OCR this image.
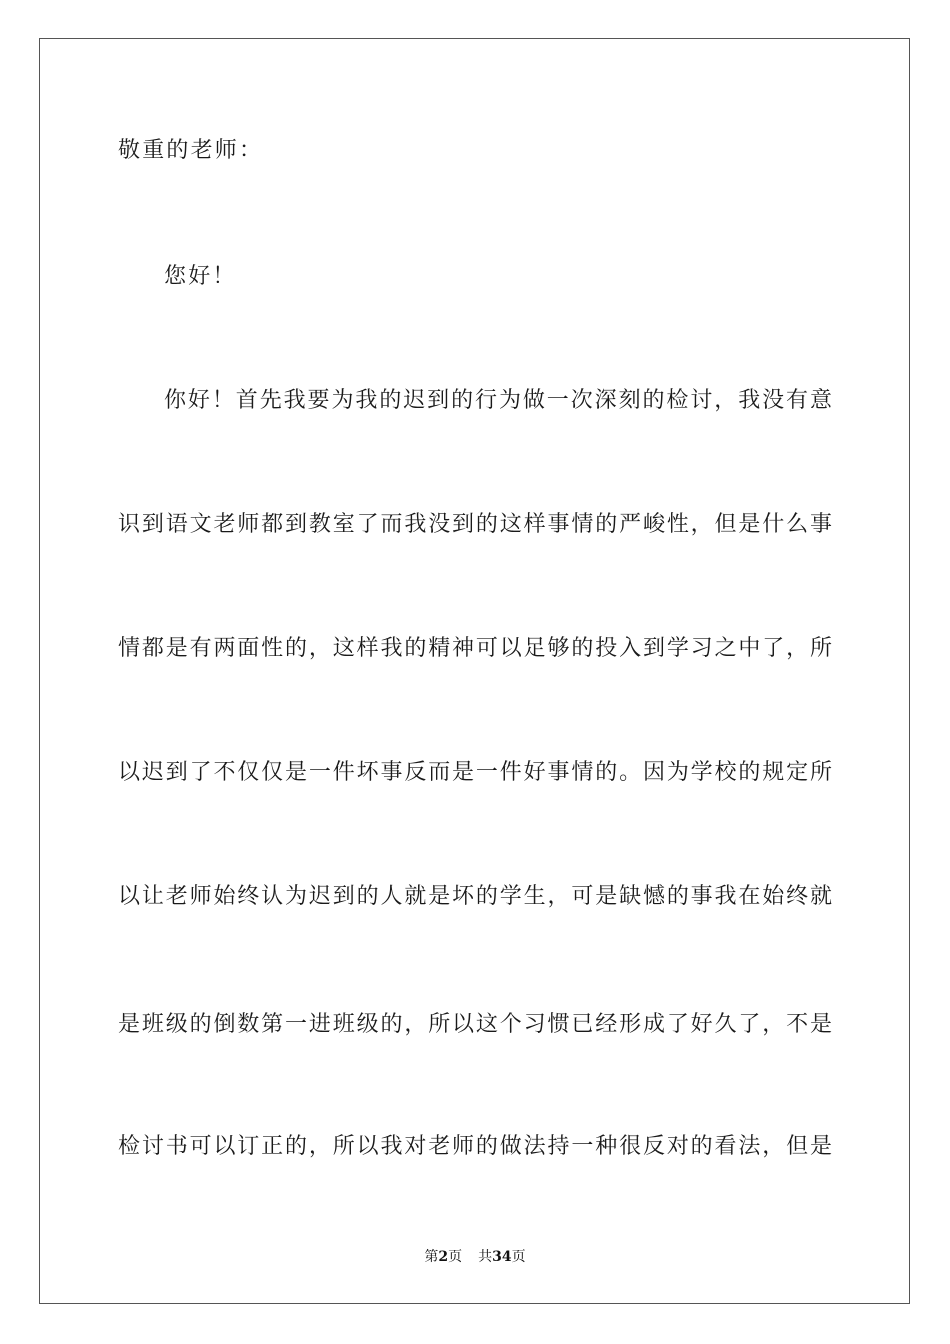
敬重的老师：
您好！
你好！首先我要为我的迟到的行为做一次深刻的检讨，我没有意
识到语文老师都到教室了而我没到的这样事情的严峻性，但是什么事
情都是有两面性的，这样我的精神可以足够的投入到学习之中了，所
以迟到了不仅仅是一件坏事反而是一件好事情的。因为学校的规定所
以让老师始终认为迟到的人就是坏的学生，可是缺憾的事我在始终就
是班级的倒数第一进班级的，所以这个习惯已经形成了好久了，不是
检讨书可以订正的，所以我对老师的做法持一种很反对的看法，但是
第2页 共34页
